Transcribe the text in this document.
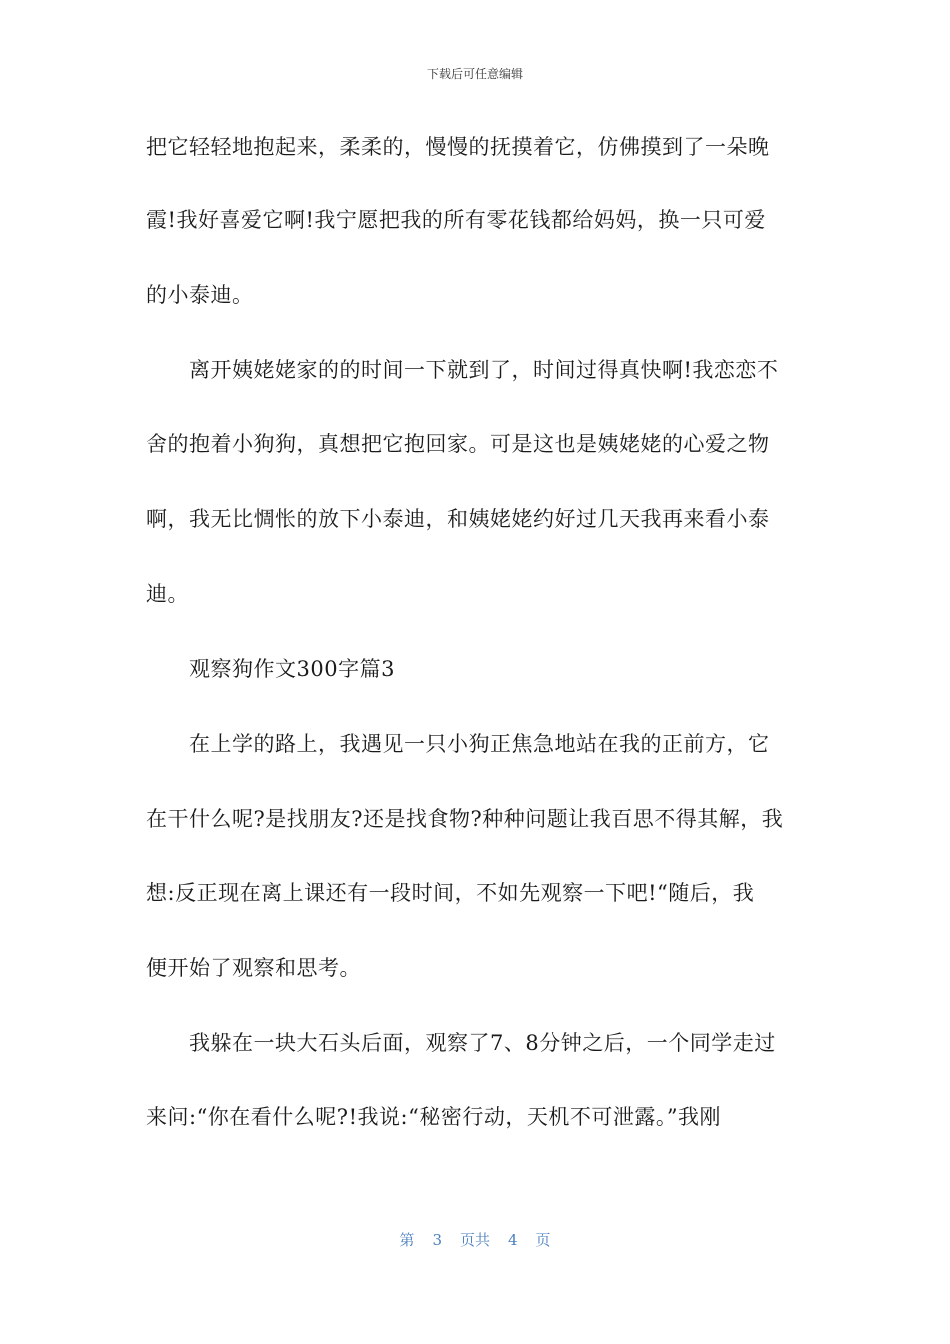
下载后可任意编辑
把它轻轻地抱起来，柔柔的，慢慢的抚摸着它，仿佛摸到了一朵晚
霞!我好喜爱它啊!我宁愿把我的所有零花钱都给妈妈，换一只可爱
的小泰迪。
离开姨姥姥家的的时间一下就到了，时间过得真快啊!我恋恋不
舍的抱着小狗狗，真想把它抱回家。可是这也是姨姥姥的心爱之物
啊，我无比惆怅的放下小泰迪，和姨姥姥约好过几天我再来看小泰
迪。
观察狗作文300字篇3
在上学的路上，我遇见一只小狗正焦急地站在我的正前方，它
在干什么呢?是找朋友?还是找食物?种种问题让我百思不得其解，我
想:反正现在离上课还有一段时间，不如先观察一下吧!“随后，我
便开始了观察和思考。
我躲在一块大石头后面，观察了7、8分钟之后，一个同学走过
来问:“你在看什么呢?!我说:“秘密行动，天机不可泄露。”我刚
第 3 页共 4 页
